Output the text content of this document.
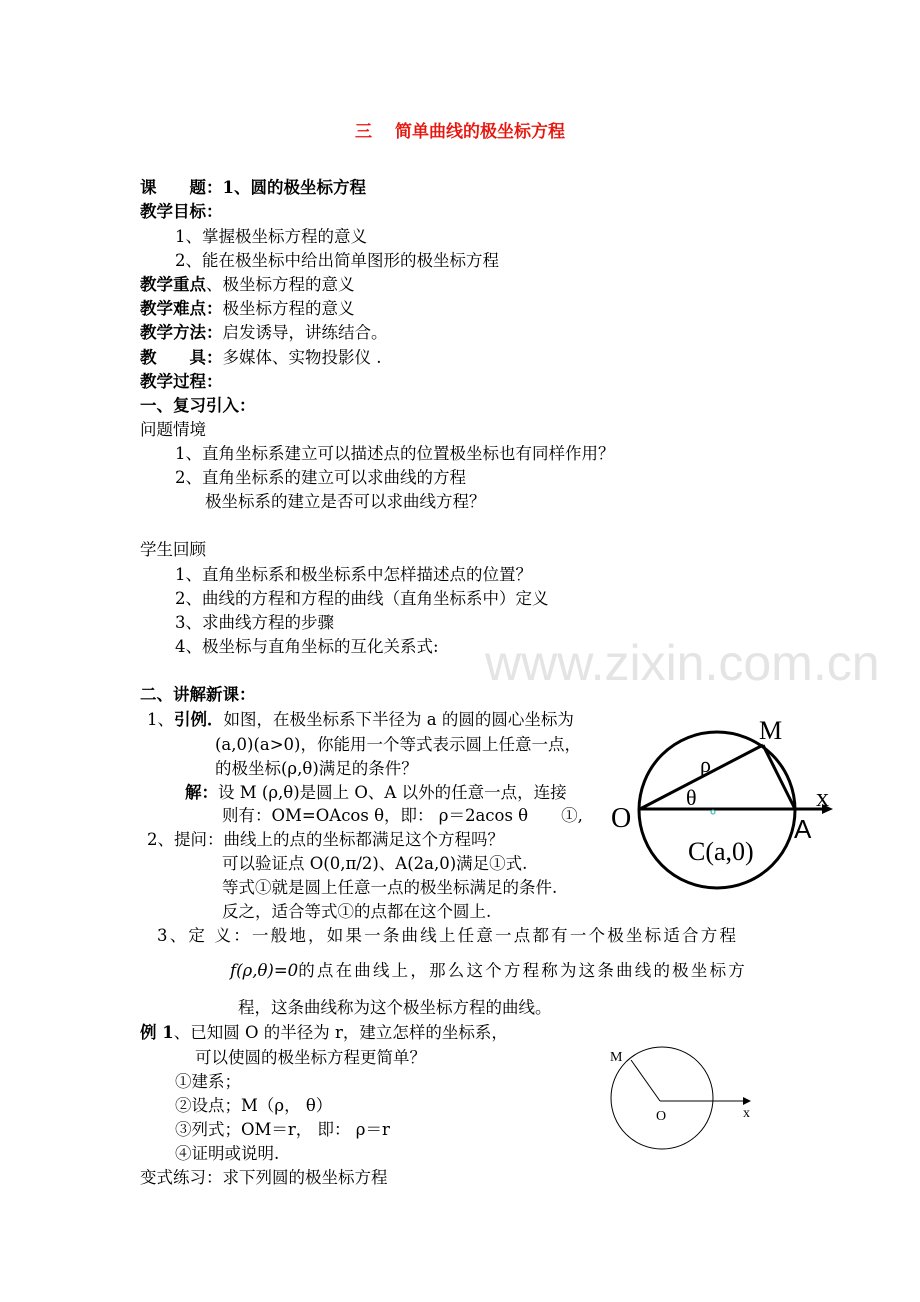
www.zixin.com.cn
三　 简单曲线的极坐标方程
课　　题：1、圆的极坐标方程
教学目标：
1、掌握极坐标方程的意义
2、能在极坐标中给出简单图形的极坐标方程
教学重点、极坐标方程的意义
教学难点：极坐标方程的意义
教学方法：启发诱导，讲练结合。
教　　具：多媒体、实物投影仪 .
教学过程：
一、复习引入：
问题情境
1、直角坐标系建立可以描述点的位置极坐标也有同样作用？
2、直角坐标系的建立可以求曲线的方程
极坐标系的建立是否可以求曲线方程？
学生回顾
1、直角坐标系和极坐标系中怎样描述点的位置？
2、曲线的方程和方程的曲线（直角坐标系中）定义
3、求曲线方程的步骤
4、极坐标与直角坐标的互化关系式:
二、讲解新课：
1、引例．如图，在极坐标系下半径为 a 的圆的圆心坐标为
(a,0)(a>0)，你能用一个等式表示圆上任意一点，
的极坐标(ρ,θ)满足的条件？
解：设 M (ρ,θ)是圆上 O、A 以外的任意一点，连接
则有：OM=OAcos θ，即： ρ＝2acos θ　　①,
2、提问：曲线上的点的坐标都满足这个方程吗？
可以验证点 O(0,π/2)、A(2a,0)满足①式.
等式①就是圆上任意一点的极坐标满足的条件.
反之，适合等式①的点都在这个圆上.
3、定 义：一般地，如果一条曲线上任意一点都有一个极坐标适合方程
f(ρ,θ)=0的点在曲线上，那么这个方程称为这条曲线的极坐标方
程，这条曲线称为这个极坐标方程的曲线。
例 1、已知圆 O 的半径为 r，建立怎样的坐标系，
可以使圆的极坐标方程更简单？
①建系；
②设点；M（ρ， θ）
③列式；OM＝r， 即： ρ＝r
④证明或说明.
变式练习：求下列圆的极坐标方程
M
ρ
θ	x
O	A
C(a,0)
M
O	x
